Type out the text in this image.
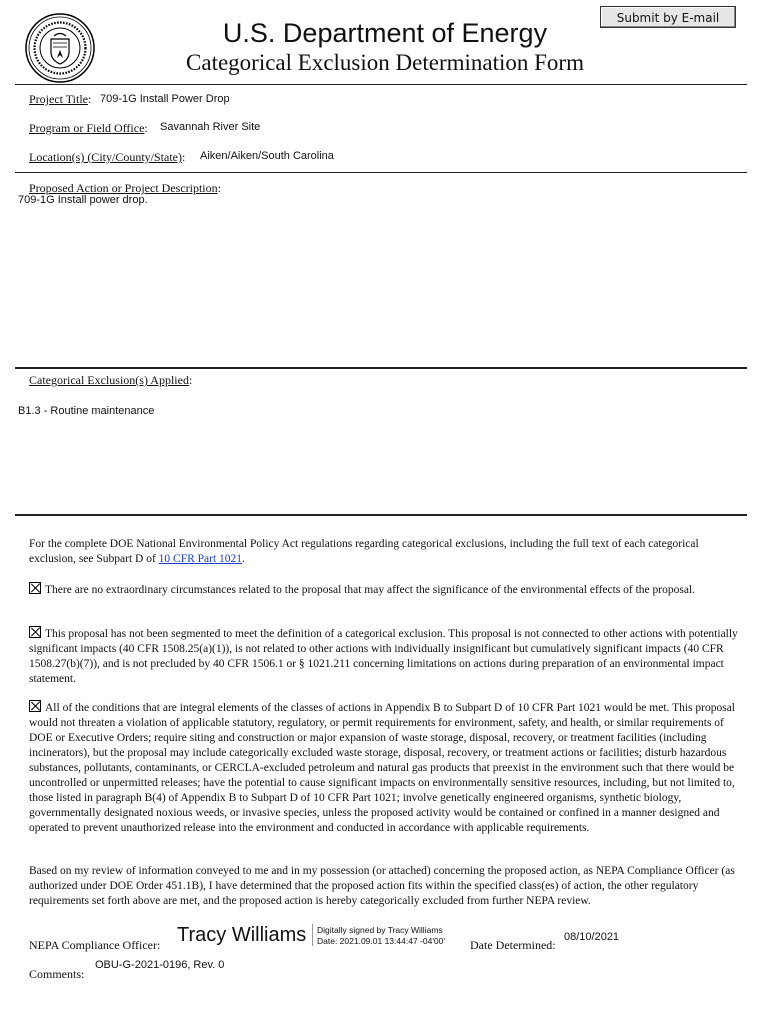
Submit by E-mail
U.S. Department of Energy
Categorical Exclusion Determination Form
Project Title: 709-1G Install Power Drop
Program or Field Office: Savannah River Site
Location(s) (City/County/State): Aiken/Aiken/South Carolina
Proposed Action or Project Description:
709-1G Install power drop.
Categorical Exclusion(s) Applied:
B1.3 - Routine maintenance
For the complete DOE National Environmental Policy Act regulations regarding categorical exclusions, including the full text of each categorical exclusion, see Subpart D of 10 CFR Part 1021.
There are no extraordinary circumstances related to the proposal that may affect the significance of the environmental effects of the proposal.
This proposal has not been segmented to meet the definition of a categorical exclusion. This proposal is not connected to other actions with potentially significant impacts (40 CFR 1508.25(a)(1)), is not related to other actions with individually insignificant but cumulatively significant impacts (40 CFR 1508.27(b)(7)), and is not precluded by 40 CFR 1506.1 or § 1021.211 concerning limitations on actions during preparation of an environmental impact statement.
All of the conditions that are integral elements of the classes of actions in Appendix B to Subpart D of 10 CFR Part 1021 would be met. This proposal would not threaten a violation of applicable statutory, regulatory, or permit requirements for environment, safety, and health, or similar requirements of DOE or Executive Orders; require siting and construction or major expansion of waste storage, disposal, recovery, or treatment facilities (including incinerators), but the proposal may include categorically excluded waste storage, disposal, recovery, or treatment actions or facilities; disturb hazardous substances, pollutants, contaminants, or CERCLA-excluded petroleum and natural gas products that preexist in the environment such that there would be uncontrolled or unpermitted releases; have the potential to cause significant impacts on environmentally sensitive resources, including, but not limited to, those listed in paragraph B(4) of Appendix B to Subpart D of 10 CFR Part 1021; involve genetically engineered organisms, synthetic biology, governmentally designated noxious weeds, or invasive species, unless the proposed activity would be contained or confined in a manner designed and operated to prevent unauthorized release into the environment and conducted in accordance with applicable requirements.
Based on my review of information conveyed to me and in my possession (or attached) concerning the proposed action, as NEPA Compliance Officer (as authorized under DOE Order 451.1B), I have determined that the proposed action fits within the specified class(es) of action, the other regulatory requirements set forth above are met, and the proposed action is hereby categorically excluded from further NEPA review.
NEPA Compliance Officer: Tracy Williams Digitally signed by Tracy Williams
Date: 2021.09.01 13:44:47 -04'00' Date Determined:
08/10/2021
Comments:
OBU-G-2021-0196, Rev. 0
